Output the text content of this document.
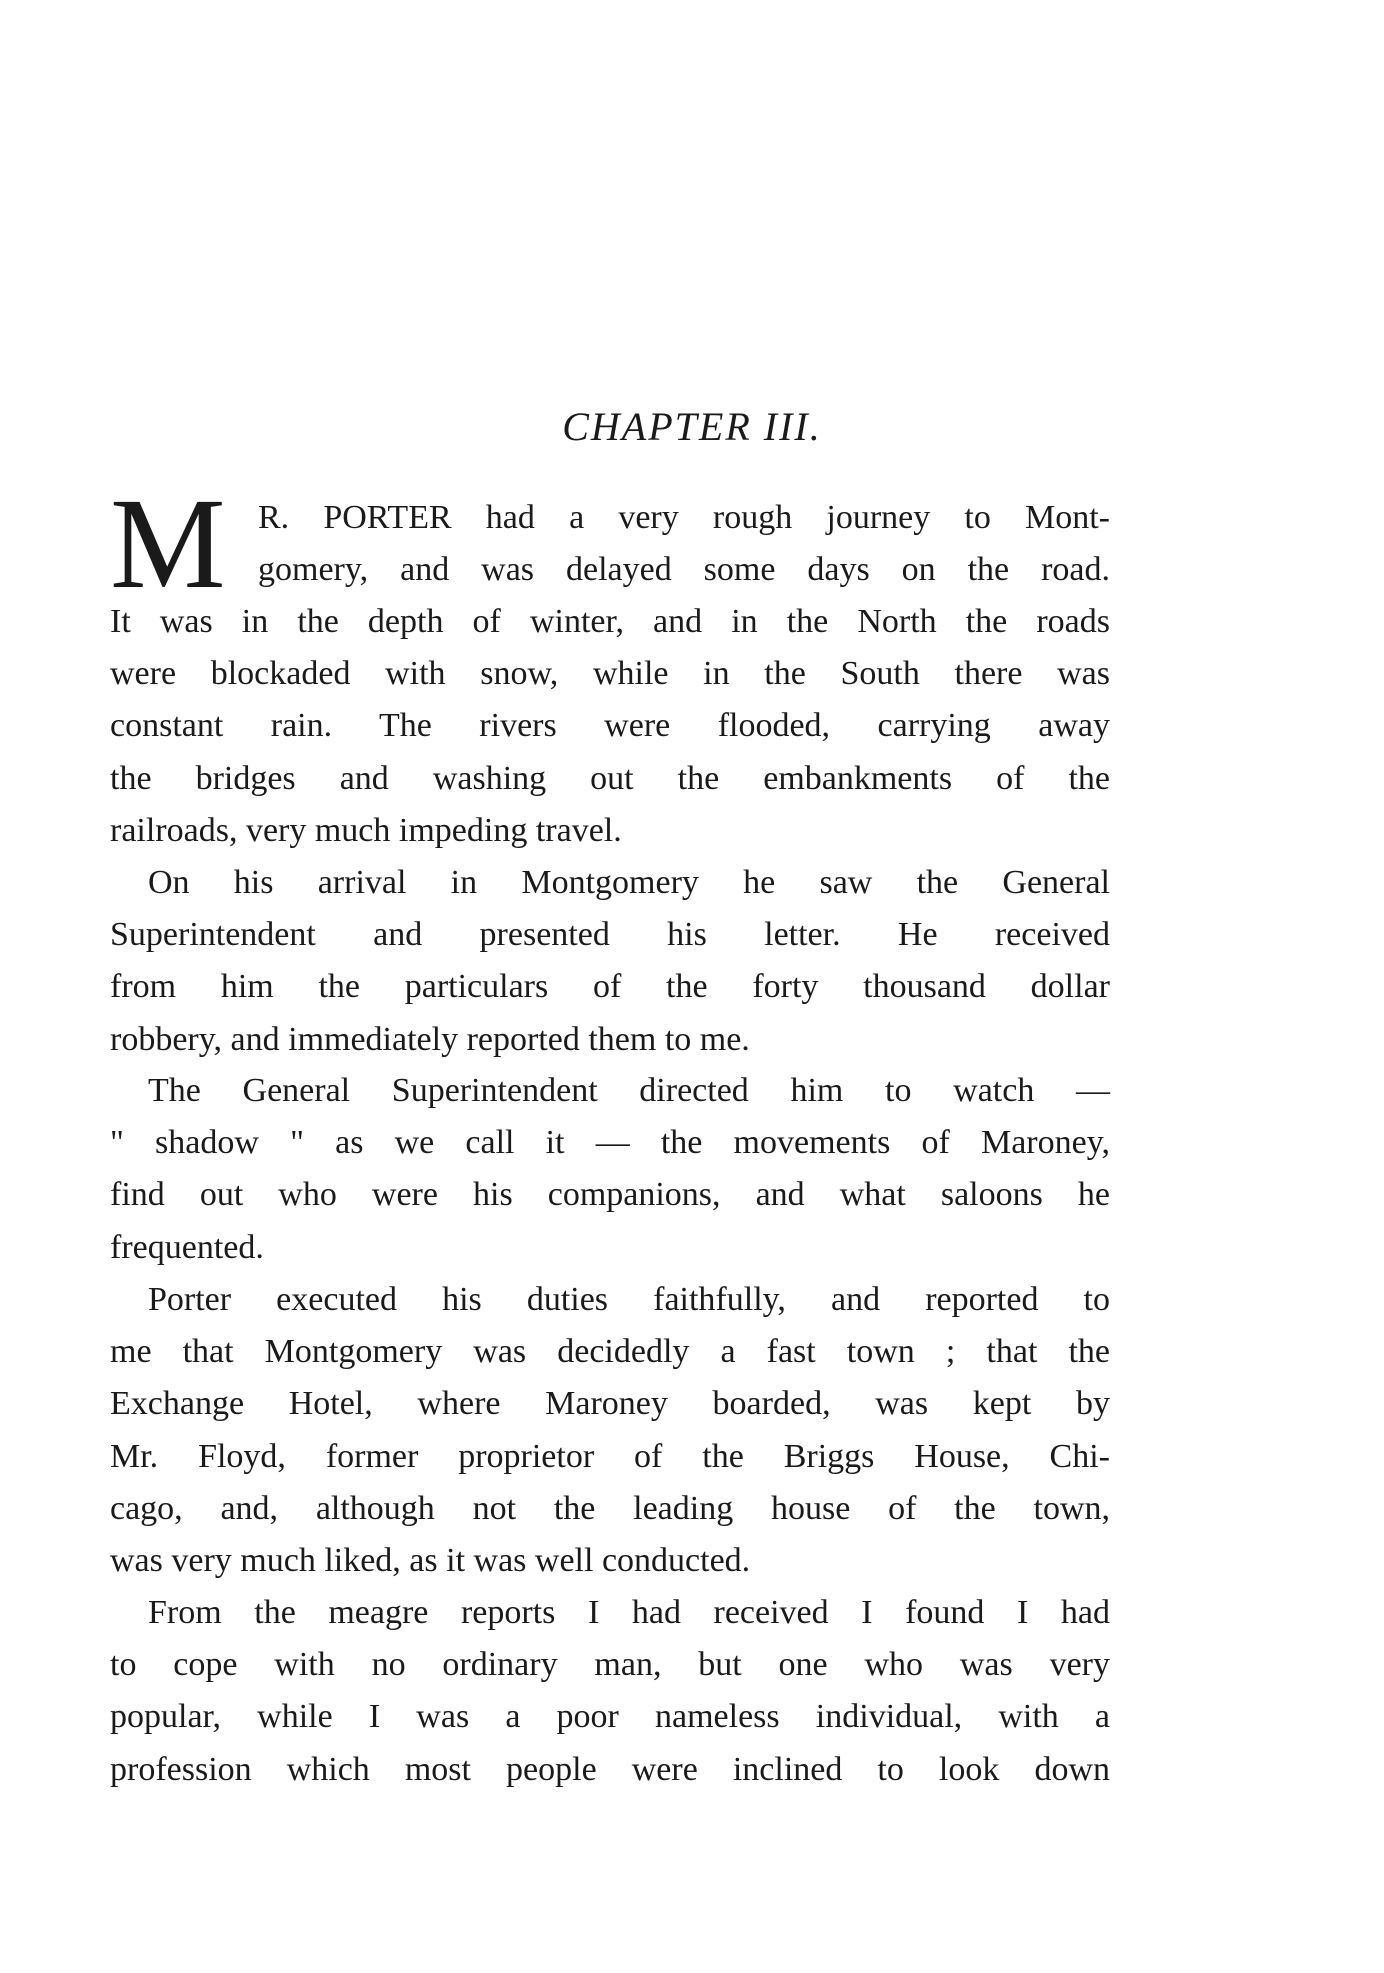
CHAPTER III.
M R. PORTER had a very rough journey to Mont-
gomery, and was delayed some days on the road.
It was in the depth of winter, and in the North the roads
were blockaded with snow, while in the South there was
constant rain. The rivers were flooded, carrying away
the bridges and washing out the embankments of the
railroads, very much impeding travel.
On his arrival in Montgomery he saw the General
Superintendent and presented his letter. He received
from him the particulars of the forty thousand dollar
robbery, and immediately reported them to me.
The General Superintendent directed him to watch —
" shadow " as we call it — the movements of Maroney,
find out who were his companions, and what saloons he
frequented.
Porter executed his duties faithfully, and reported to
me that Montgomery was decidedly a fast town ; that the
Exchange Hotel, where Maroney boarded, was kept by
Mr. Floyd, former proprietor of the Briggs House, Chi-
cago, and, although not the leading house of the town,
was very much liked, as it was well conducted.
From the meagre reports I had received I found I had
to cope with no ordinary man, but one who was very
popular, while I was a poor nameless individual, with a
profession which most people were inclined to look down
